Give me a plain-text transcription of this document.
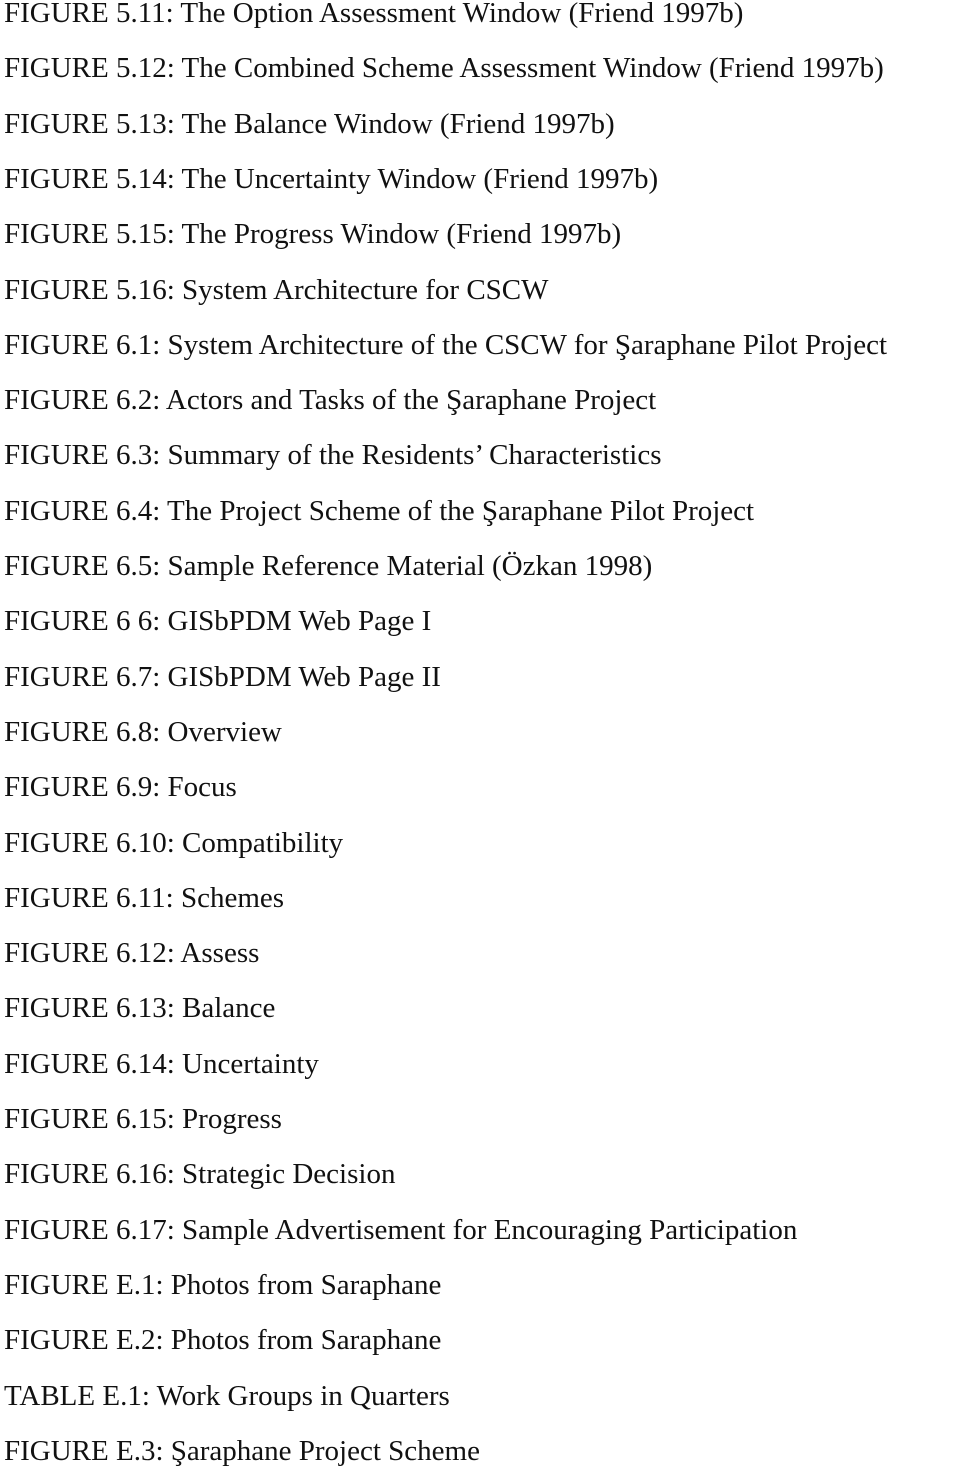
FIGURE 5.11: The Option Assessment Window (Friend 1997b)
FIGURE 5.12: The Combined Scheme Assessment Window (Friend 1997b)
FIGURE 5.13: The Balance Window (Friend 1997b)
FIGURE 5.14: The Uncertainty Window (Friend 1997b)
FIGURE 5.15: The Progress Window (Friend 1997b)
FIGURE 5.16: System Architecture for CSCW
FIGURE 6.1: System Architecture of the CSCW for Şaraphane Pilot Project
FIGURE 6.2: Actors and Tasks of the Şaraphane Project
FIGURE 6.3: Summary of the Residents’ Characteristics
FIGURE 6.4: The Project Scheme of the Şaraphane Pilot Project
FIGURE 6.5: Sample Reference Material (Özkan 1998)
FIGURE 6 6: GISbPDM Web Page I
FIGURE 6.7: GISbPDM Web Page II
FIGURE 6.8: Overview
FIGURE 6.9: Focus
FIGURE 6.10: Compatibility
FIGURE 6.11: Schemes
FIGURE 6.12: Assess
FIGURE 6.13: Balance
FIGURE 6.14: Uncertainty
FIGURE 6.15: Progress
FIGURE 6.16: Strategic Decision
FIGURE 6.17: Sample Advertisement for Encouraging Participation
FIGURE E.1: Photos from Saraphane
FIGURE E.2: Photos from Saraphane
TABLE E.1: Work Groups in Quarters
FIGURE E.3: Şaraphane Project Scheme
